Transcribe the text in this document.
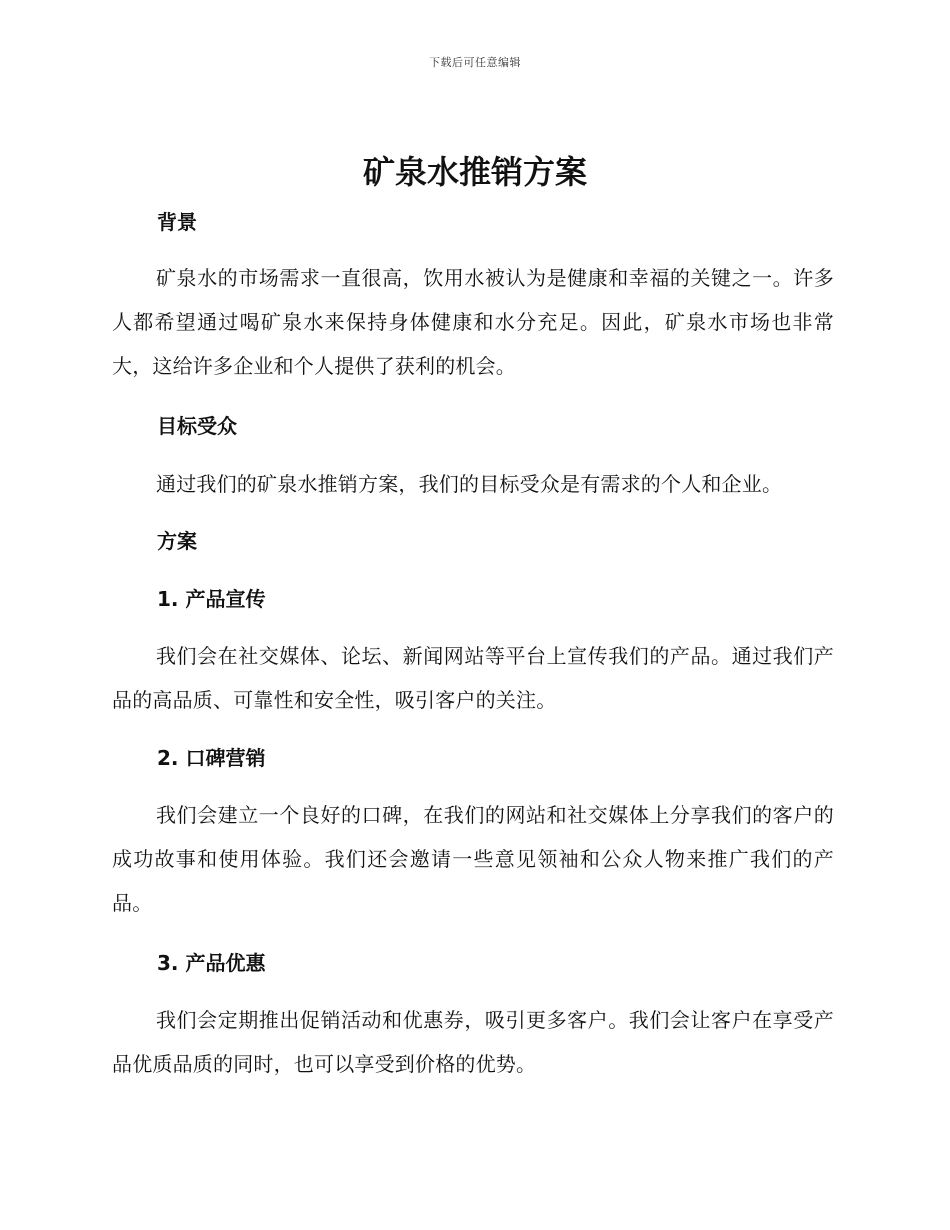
下载后可任意编辑
矿泉水推销方案
背景

矿泉水的市场需求一直很高，饮用水被认为是健康和幸福的关键之一。许多人都希望通过喝矿泉水来保持身体健康和水分充足。因此，矿泉水市场也非常大，这给许多企业和个人提供了获利的机会。

目标受众

通过我们的矿泉水推销方案，我们的目标受众是有需求的个人和企业。

方案
1. 产品宣传

我们会在社交媒体、论坛、新闻网站等平台上宣传我们的产品。通过我们产品的高品质、可靠性和安全性，吸引客户的关注。

2. 口碑营销

我们会建立一个良好的口碑，在我们的网站和社交媒体上分享我们的客户的成功故事和使用体验。我们还会邀请一些意见领袖和公众人物来推广我们的产品。

3. 产品优惠

我们会定期推出促销活动和优惠券，吸引更多客户。我们会让客户在享受产品优质品质的同时，也可以享受到价格的优势。
